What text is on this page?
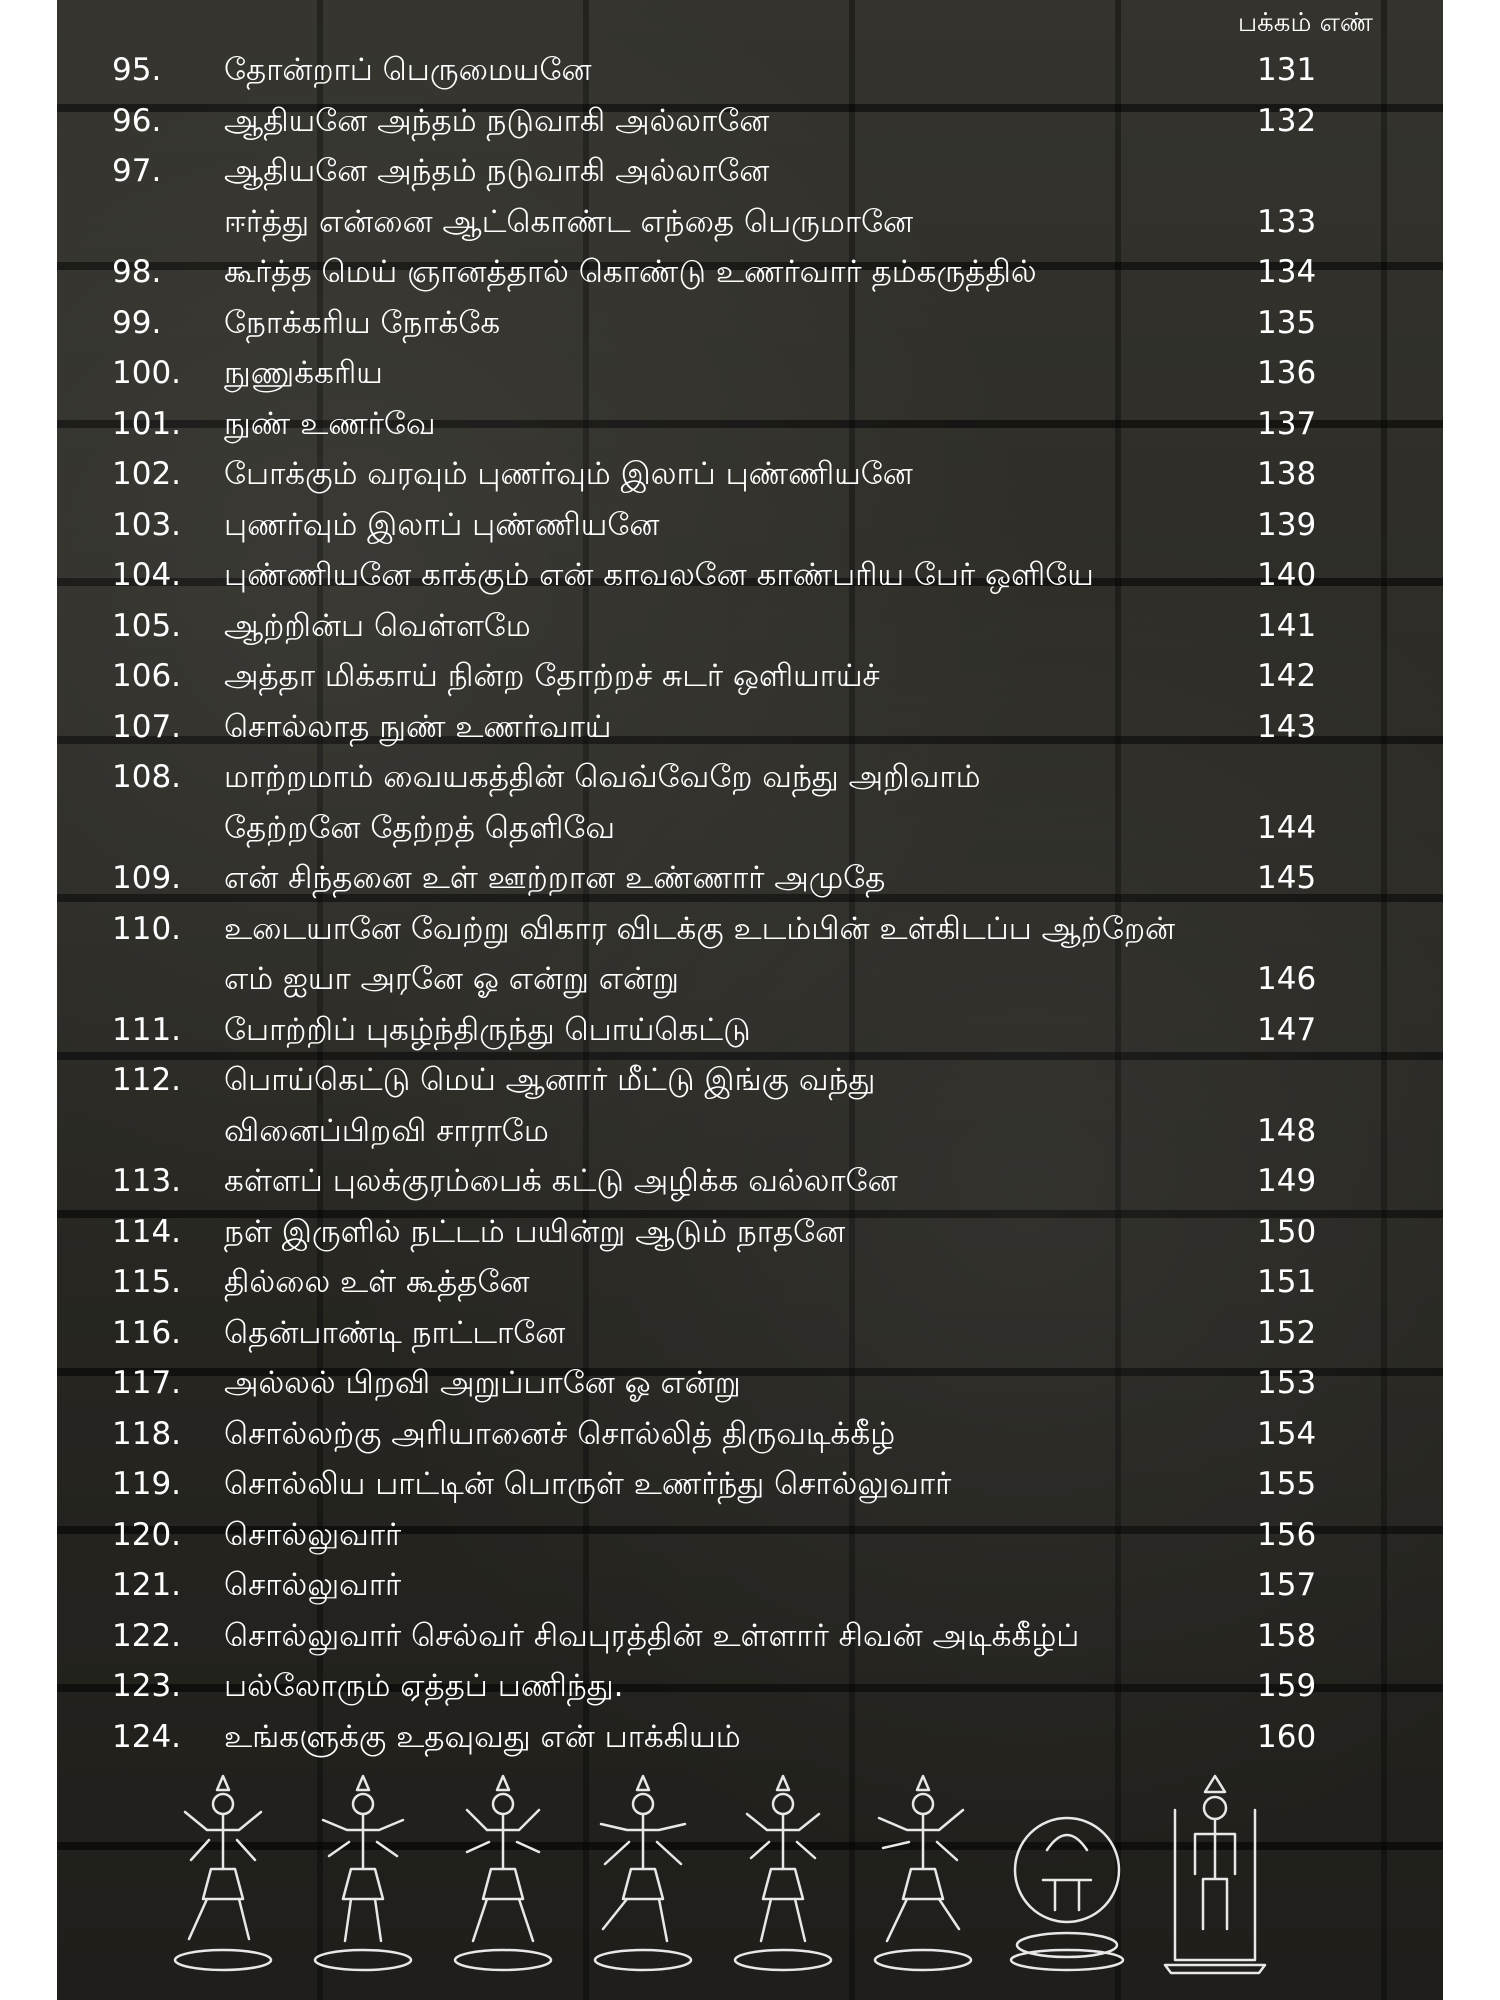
பக்கம் எண்
95. தோன்றாப் பெருமையனே	131
96. ஆதியனே அந்தம் நடுவாகி அல்லானே	132
97. ஆதியனே அந்தம் நடுவாகி அல்லானே
ஈர்த்து என்னை ஆட்கொண்ட எந்தை பெருமானே	133
98. கூர்த்த மெய் ஞானத்தால் கொண்டு உணர்வார் தம்கருத்தில்	134
99. நோக்கரிய நோக்கே	135
100. நுணுக்கரிய	136
101. நுண் உணர்வே	137
102. போக்கும் வரவும் புணர்வும் இலாப் புண்ணியனே	138
103. புணர்வும் இலாப் புண்ணியனே	139
104. புண்ணியனே காக்கும் என் காவலனே காண்பரிய பேர் ஒளியே	140
105. ஆற்றின்ப வெள்ளமே	141
106. அத்தா மிக்காய் நின்ற தோற்றச் சுடர் ஒளியாய்ச்	142
107. சொல்லாத நுண் உணர்வாய்	143
108. மாற்றமாம் வையகத்தின் வெவ்வேறே வந்து அறிவாம்
தேற்றனே தேற்றத் தெளிவே	144
109. என் சிந்தனை உள் ஊற்றான உண்ணார் அமுதே	145
110. உடையானே வேற்று விகார விடக்கு உடம்பின் உள்கிடப்ப ஆற்றேன்
எம் ஐயா அரனே ஓ என்று என்று	146
111. போற்றிப் புகழ்ந்திருந்து பொய்கெட்டு	147
112. பொய்கெட்டு மெய் ஆனார் மீட்டு இங்கு வந்து
வினைப்பிறவி சாராமே	148
113. கள்ளப் புலக்குரம்பைக் கட்டு அழிக்க வல்லானே	149
114. நள் இருளில் நட்டம் பயின்று ஆடும் நாதனே	150
115. தில்லை உள் கூத்தனே	151
116. தென்பாண்டி நாட்டானே	152
117. அல்லல் பிறவி அறுப்பானே ஓ என்று	153
118. சொல்லற்கு அரியானைச் சொல்லித் திருவடிக்கீழ்	154
119. சொல்லிய பாட்டின் பொருள் உணர்ந்து சொல்லுவார்	155
120. சொல்லுவார்	156
121. சொல்லுவார்	157
122. சொல்லுவார் செல்வர் சிவபுரத்தின் உள்ளார் சிவன் அடிக்கீழ்ப்	158
123. பல்லோரும் ஏத்தப் பணிந்து.	159
124. உங்களுக்கு உதவுவது என் பாக்கியம்	160
